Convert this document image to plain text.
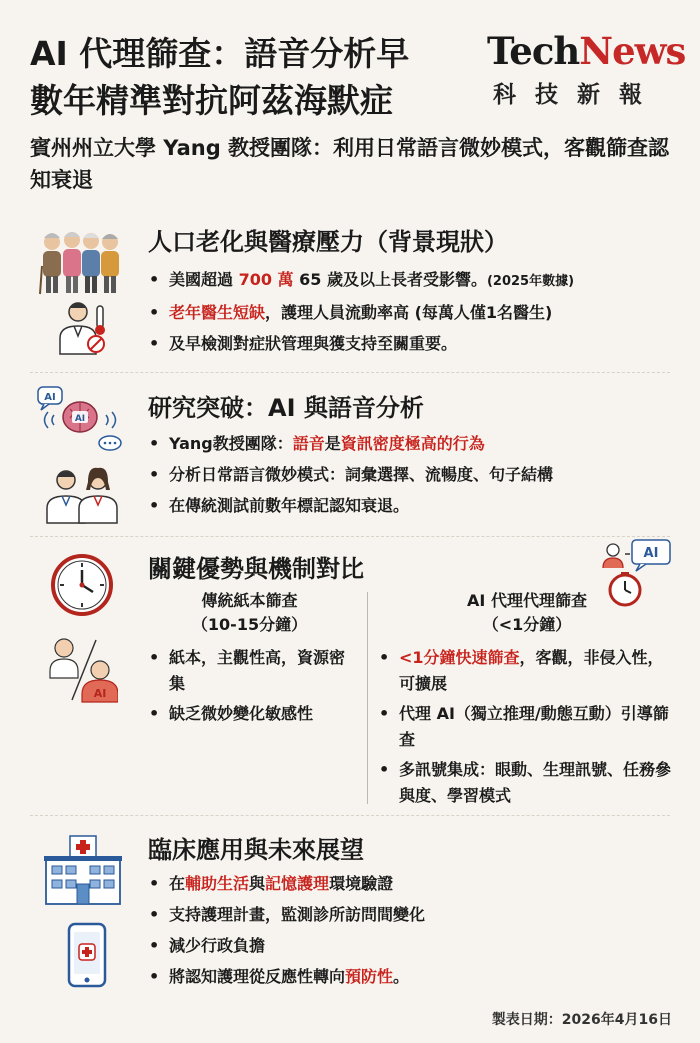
AI 代理篩查：語音分析早
數年精準對抗阿茲海默症
TechNews
科技新報
賓州州立大學 Yang 教授團隊：利用日常語言微妙模式，客觀篩查認知衰退
人口老化與醫療壓力（背景現狀）
• 美國超過 700 萬 65 歲及以上長者受影響。(2025年數據)
• 老年醫生短缺，護理人員流動率高 (每萬人僅1名醫生)
• 及早檢測對症狀管理與獲支持至關重要。
AI
AI	研究突破：AI 與語音分析
• Yang教授團隊：語音是資訊密度極高的行為
• 分析日常語言微妙模式：詞彙選擇、流暢度、句子結構
• 在傳統測試前數年標記認知衰退。
AI
AI
關鍵優勢與機制對比
傳統紙本篩查
（10-15分鐘）
• 紙本，主觀性高，資源密集
• 缺乏微妙變化敏感性
AI 代理代理篩查
（<1分鐘）
• <1分鐘快速篩查，客觀，非侵入性，可擴展
• 代理 AI（獨立推理/動態互動）引導篩查
• 多訊號集成：眼動、生理訊號、任務參與度、學習模式
臨床應用與未來展望
• 在輔助生活與記憶護理環境驗證
• 支持護理計畫，監測診所訪問間變化
• 減少行政負擔
• 將認知護理從反應性轉向預防性。
製表日期：2026年4月16日
